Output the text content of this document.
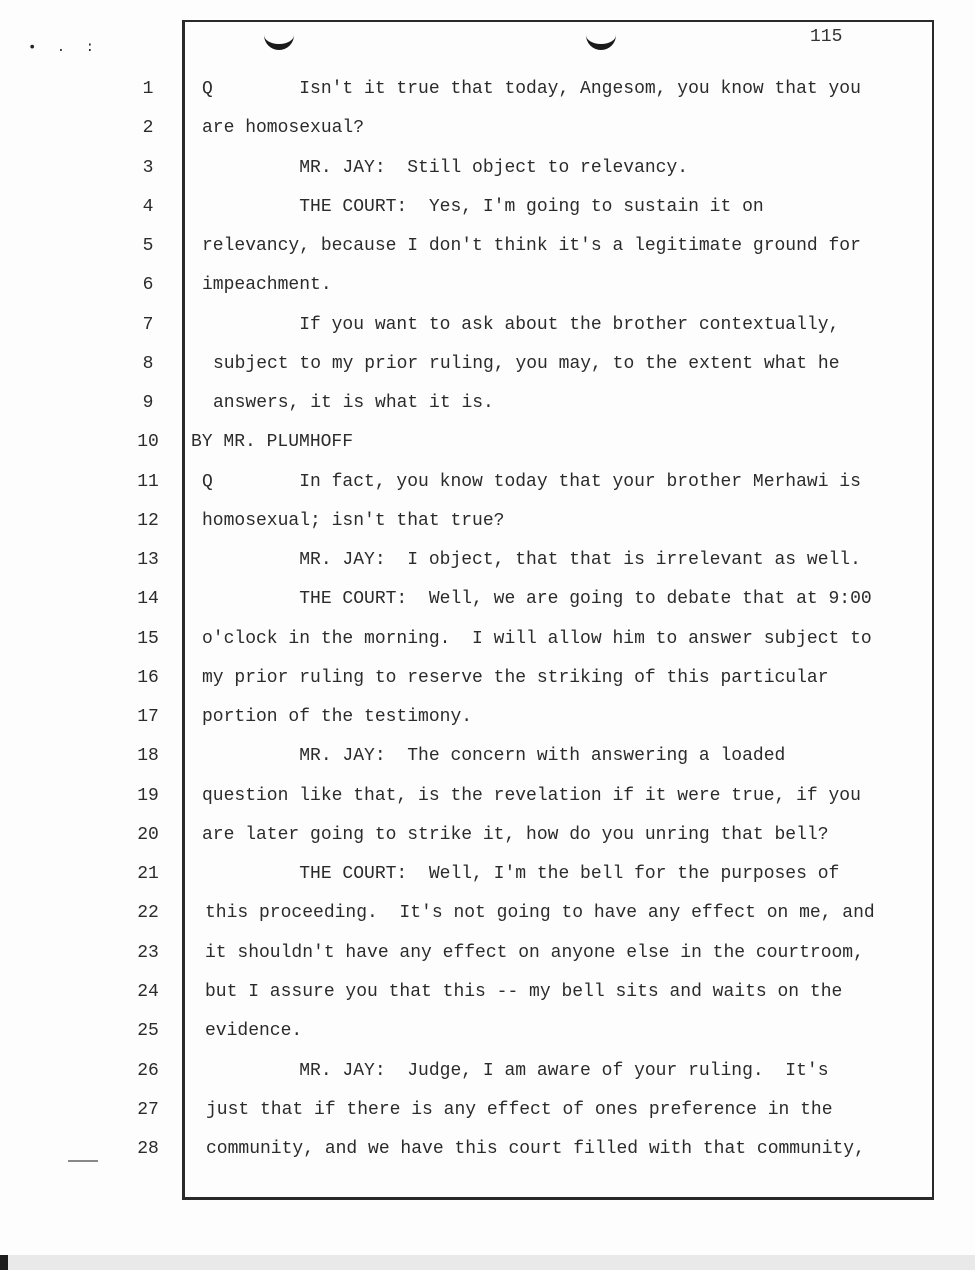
• . :
115
1
2
3
4
5
6
7
8
9
10
11
12
13
14
15
16
17
18
19
20
21
22
23
24
25
26
27
28
Q        Isn't it true that today, Angesom, you know that you
are homosexual?
MR. JAY:  Still object to relevancy.
THE COURT:  Yes, I'm going to sustain it on
relevancy, because I don't think it's a legitimate ground for
impeachment.
If you want to ask about the brother contextually,
subject to my prior ruling, you may, to the extent what he
answers, it is what it is.
BY MR. PLUMHOFF
Q        In fact, you know today that your brother Merhawi is
homosexual; isn't that true?
MR. JAY:  I object, that that is irrelevant as well.
THE COURT:  Well, we are going to debate that at 9:00
o'clock in the morning.  I will allow him to answer subject to
my prior ruling to reserve the striking of this particular
portion of the testimony.
MR. JAY:  The concern with answering a loaded
question like that, is the revelation if it were true, if you
are later going to strike it, how do you unring that bell?
THE COURT:  Well, I'm the bell for the purposes of
this proceeding.  It's not going to have any effect on me, and
it shouldn't have any effect on anyone else in the courtroom,
but I assure you that this -- my bell sits and waits on the
evidence.
MR. JAY:  Judge, I am aware of your ruling.  It's
just that if there is any effect of ones preference in the
community, and we have this court filled with that community,
